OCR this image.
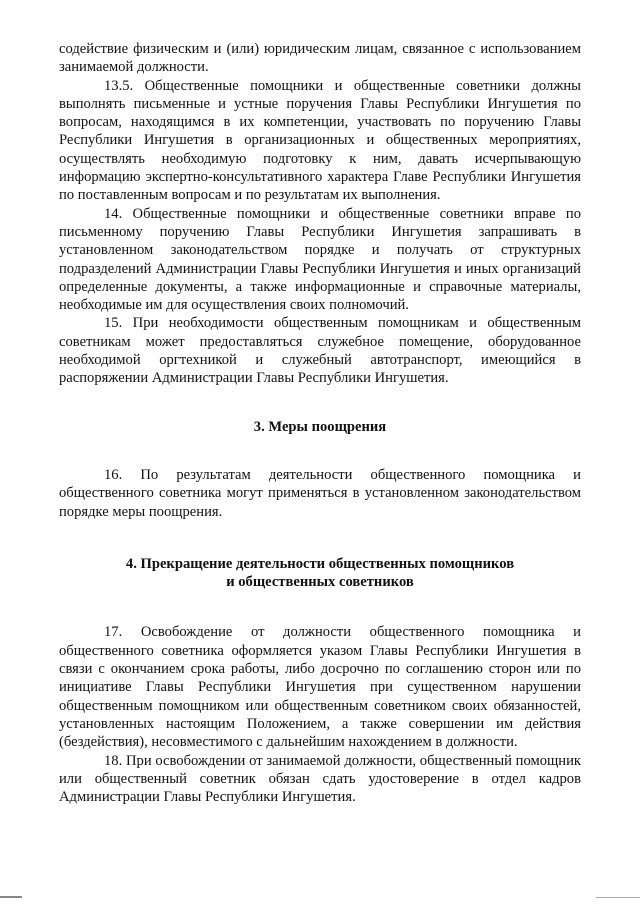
содействие физическим и (или) юридическим лицам, связанное с использованием занимаемой должности.

13.5. Общественные помощники и общественные советники должны выполнять письменные и устные поручения Главы Республики Ингушетия по вопросам, находящимся в их компетенции, участвовать по поручению Главы Республики Ингушетия в организационных и общественных мероприятиях, осуществлять необходимую подготовку к ним, давать исчерпывающую информацию экспертно-консультативного характера Главе Республики Ингушетия по поставленным вопросам и по результатам их выполнения.

14. Общественные помощники и общественные советники вправе по письменному поручению Главы Республики Ингушетия запрашивать в установленном законодательством порядке и получать от структурных подразделений Администрации Главы Республики Ингушетия и иных организаций определенные документы, а также информационные и справочные материалы, необходимые им для осуществления своих полномочий.

15. При необходимости общественным помощникам и общественным советникам может предоставляться служебное помещение, оборудованное необходимой оргтехникой и служебный автотранспорт, имеющийся в распоряжении Администрации Главы Республики Ингушетия.

3. Меры поощрения

16. По результатам деятельности общественного помощника и общественного советника могут применяться в установленном законодательством порядке меры поощрения.

4. Прекращение деятельности общественных помощников
и общественных советников

17. Освобождение от должности общественного помощника и общественного советника оформляется указом Главы Республики Ингушетия в связи с окончанием срока работы, либо досрочно по соглашению сторон или по инициативе Главы Республики Ингушетия при существенном нарушении общественным помощником или общественным советником своих обязанностей, установленных настоящим Положением, а также совершении им действия (бездействия), несовместимого с дальнейшим нахождением в должности.

18. При освобождении от занимаемой должности, общественный помощник или общественный советник обязан сдать удостоверение в отдел кадров Администрации Главы Республики Ингушетия.
